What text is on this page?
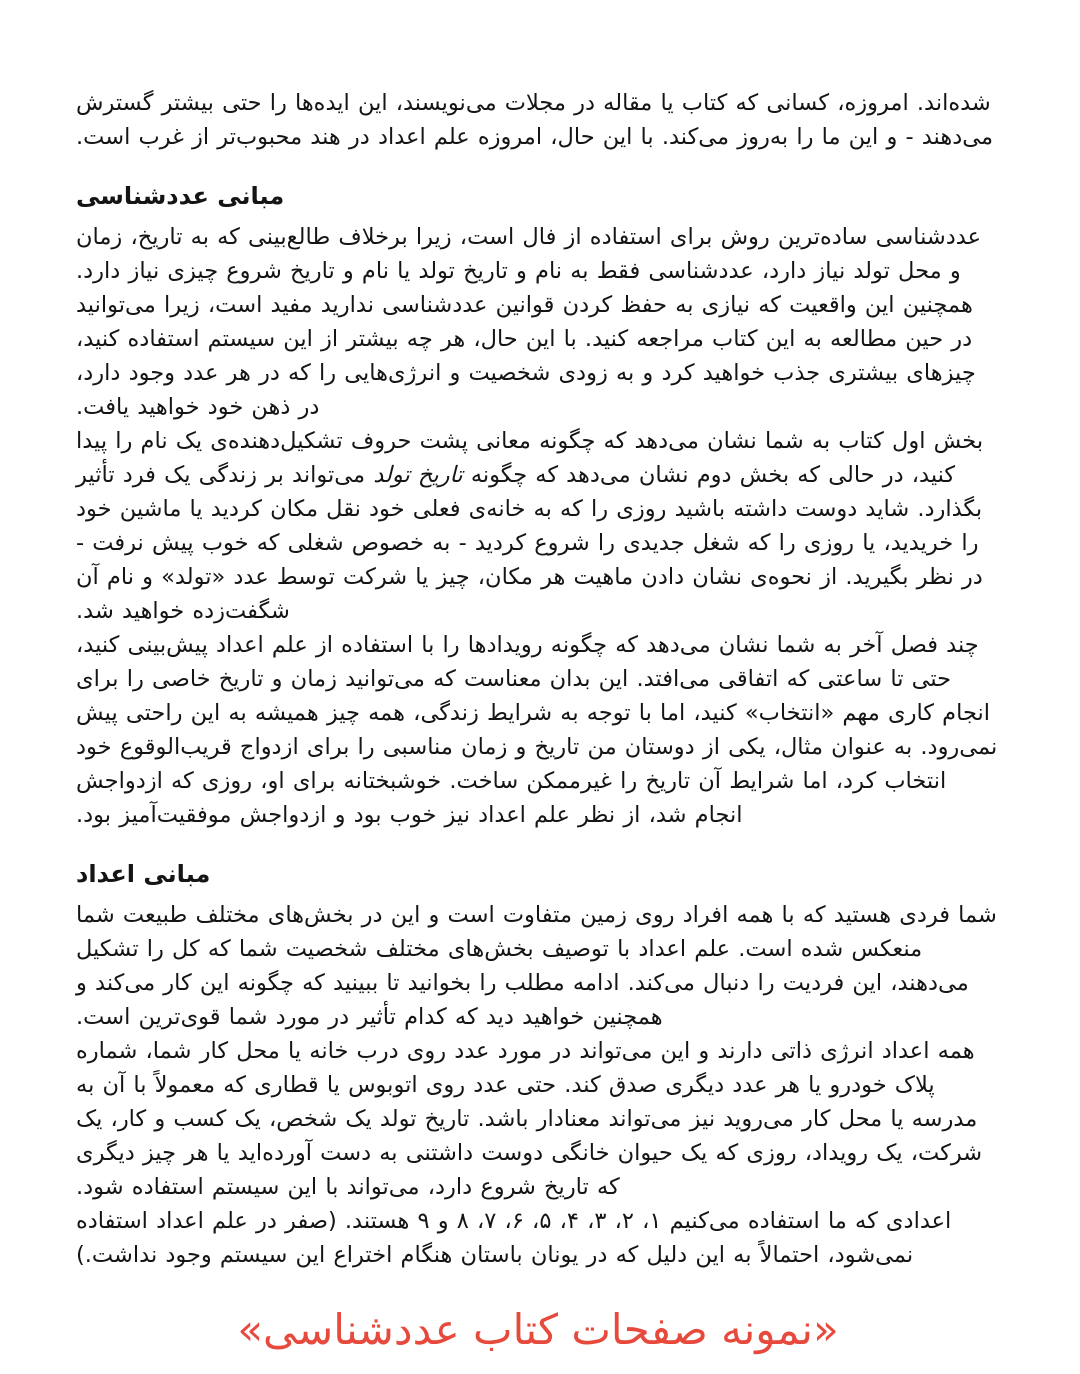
شده‌اند. امروزه، کسانی که کتاب یا مقاله در مجلات می‌نویسند، این ایده‌ها را حتی بیشتر گسترش می‌دهند - و این ما را به‌روز می‌کند. با این حال، امروزه علم اعداد در هند محبوب‌تر از غرب است.

مبانی عددشناسی

عددشناسی ساده‌ترین روش برای استفاده از فال است، زیرا برخلاف طالع‌بینی که به تاریخ، زمان و محل تولد نیاز دارد، عددشناسی فقط به نام و تاریخ تولد یا نام و تاریخ شروع چیزی نیاز دارد. همچنین این واقعیت که نیازی به حفظ کردن قوانین عددشناسی ندارید مفید است، زیرا می‌توانید در حین مطالعه به این کتاب مراجعه کنید. با این حال، هر چه بیشتر از این سیستم استفاده کنید، چیزهای بیشتری جذب خواهید کرد و به زودی شخصیت و انرژی‌هایی را که در هر عدد وجود دارد، در ذهن خود خواهید یافت.

بخش اول کتاب به شما نشان می‌دهد که چگونه معانی پشت حروف تشکیل‌دهنده‌ی یک نام را پیدا کنید، در حالی که بخش دوم نشان می‌دهد که چگونه تاریخ تولد می‌تواند بر زندگی یک فرد تأثیر بگذارد. شاید دوست داشته باشید روزی را که به خانه‌ی فعلی خود نقل مکان کردید یا ماشین خود را خریدید، یا روزی را که شغل جدیدی را شروع کردید - به خصوص شغلی که خوب پیش نرفت - در نظر بگیرید. از نحوه‌ی نشان دادن ماهیت هر مکان، چیز یا شرکت توسط عدد «تولد» و نام آن شگفت‌زده خواهید شد.

چند فصل آخر به شما نشان می‌دهد که چگونه رویدادها را با استفاده از علم اعداد پیش‌بینی کنید، حتی تا ساعتی که اتفاقی می‌افتد. این بدان معناست که می‌توانید زمان و تاریخ خاصی را برای انجام کاری مهم «انتخاب» کنید، اما با توجه به شرایط زندگی، همه چیز همیشه به این راحتی پیش نمی‌رود. به عنوان مثال، یکی از دوستان من تاریخ و زمان مناسبی را برای ازدواج قریب‌الوقوع خود انتخاب کرد، اما شرایط آن تاریخ را غیرممکن ساخت. خوشبختانه برای او، روزی که ازدواجش انجام شد، از نظر علم اعداد نیز خوب بود و ازدواجش موفقیت‌آمیز بود.

مبانی اعداد

شما فردی هستید که با همه افراد روی زمین متفاوت است و این در بخش‌های مختلف طبیعت شما منعکس شده است. علم اعداد با توصیف بخش‌های مختلف شخصیت شما که کل را تشکیل می‌دهند، این فردیت را دنبال می‌کند. ادامه مطلب را بخوانید تا ببینید که چگونه این کار می‌کند و همچنین خواهید دید که کدام تأثیر در مورد شما قوی‌ترین است.

همه اعداد انرژی ذاتی دارند و این می‌تواند در مورد عدد روی درب خانه یا محل کار شما، شماره پلاک خودرو یا هر عدد دیگری صدق کند. حتی عدد روی اتوبوس یا قطاری که معمولاً با آن به مدرسه یا محل کار می‌روید نیز می‌تواند معنادار باشد. تاریخ تولد یک شخص، یک کسب و کار، یک شرکت، یک رویداد، روزی که یک حیوان خانگی دوست داشتنی به دست آورده‌اید یا هر چیز دیگری که تاریخ شروع دارد، می‌تواند با این سیستم استفاده شود.

اعدادی که ما استفاده می‌کنیم ۱، ۲، ۳، ۴، ۵، ۶، ۷، ۸ و ۹ هستند. (صفر در علم اعداد استفاده نمی‌شود، احتمالاً به این دلیل که در یونان باستان هنگام اختراع این سیستم وجود نداشت.)

«نمونه صفحات کتاب عددشناسی»
